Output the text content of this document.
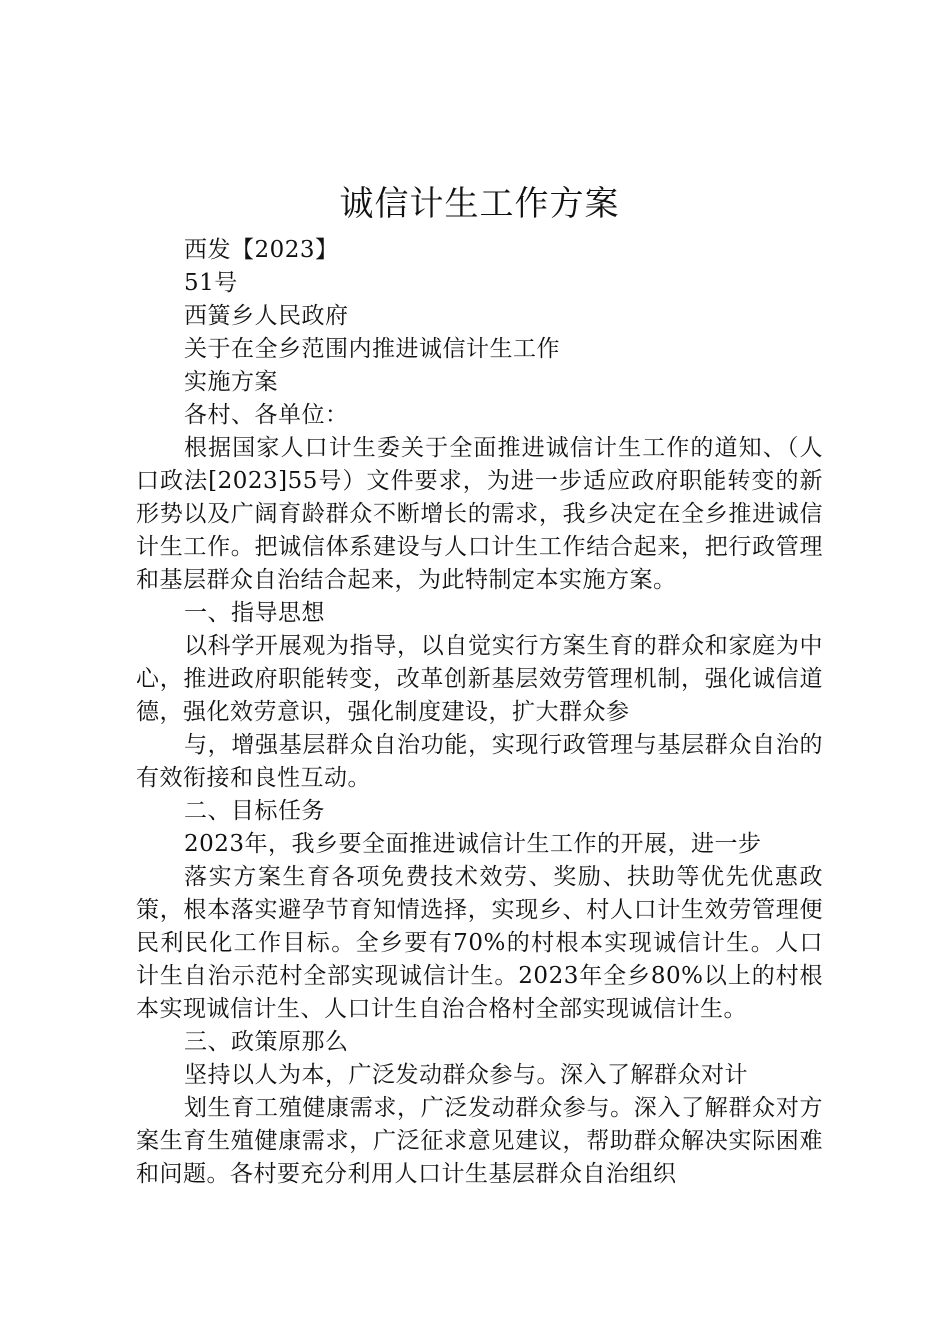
诚信计生工作方案
西发【2023】
51号
西簧乡人民政府
关于在全乡范围内推进诚信计生工作
实施方案
各村、各单位：

根据国家人口计生委关于全面推进诚信计生工作的道知、（人口政法[2023]55号）文件要求，为进一步适应政府职能转变的新形势以及广阔育龄群众不断增长的需求，我乡决定在全乡推进诚信计生工作。把诚信体系建设与人口计生工作结合起来，把行政管理和基层群众自治结合起来，为此特制定本实施方案。

一、指导思想

以科学开展观为指导，以自觉实行方案生育的群众和家庭为中心，推进政府职能转变，改革创新基层效劳管理机制，强化诚信道德，强化效劳意识，强化制度建设，扩大群众参

与，增强基层群众自治功能，实现行政管理与基层群众自治的有效衔接和良性互动。

二、目标任务

2023年，我乡要全面推进诚信计生工作的开展，进一步

落实方案生育各项免费技术效劳、奖励、扶助等优先优惠政策，根本落实避孕节育知情选择，实现乡、村人口计生效劳管理便民利民化工作目标。全乡要有70%的村根本实现诚信计生。人口计生自治示范村全部实现诚信计生。2023年全乡80%以上的村根本实现诚信计生、人口计生自治合格村全部实现诚信计生。

三、政策原那么

坚持以人为本，广泛发动群众参与。深入了解群众对计

划生育工殖健康需求，广泛发动群众参与。深入了解群众对方案生育生殖健康需求，广泛征求意见建议，帮助群众解决实际困难和问题。各村要充分利用人口计生基层群众自治组织
